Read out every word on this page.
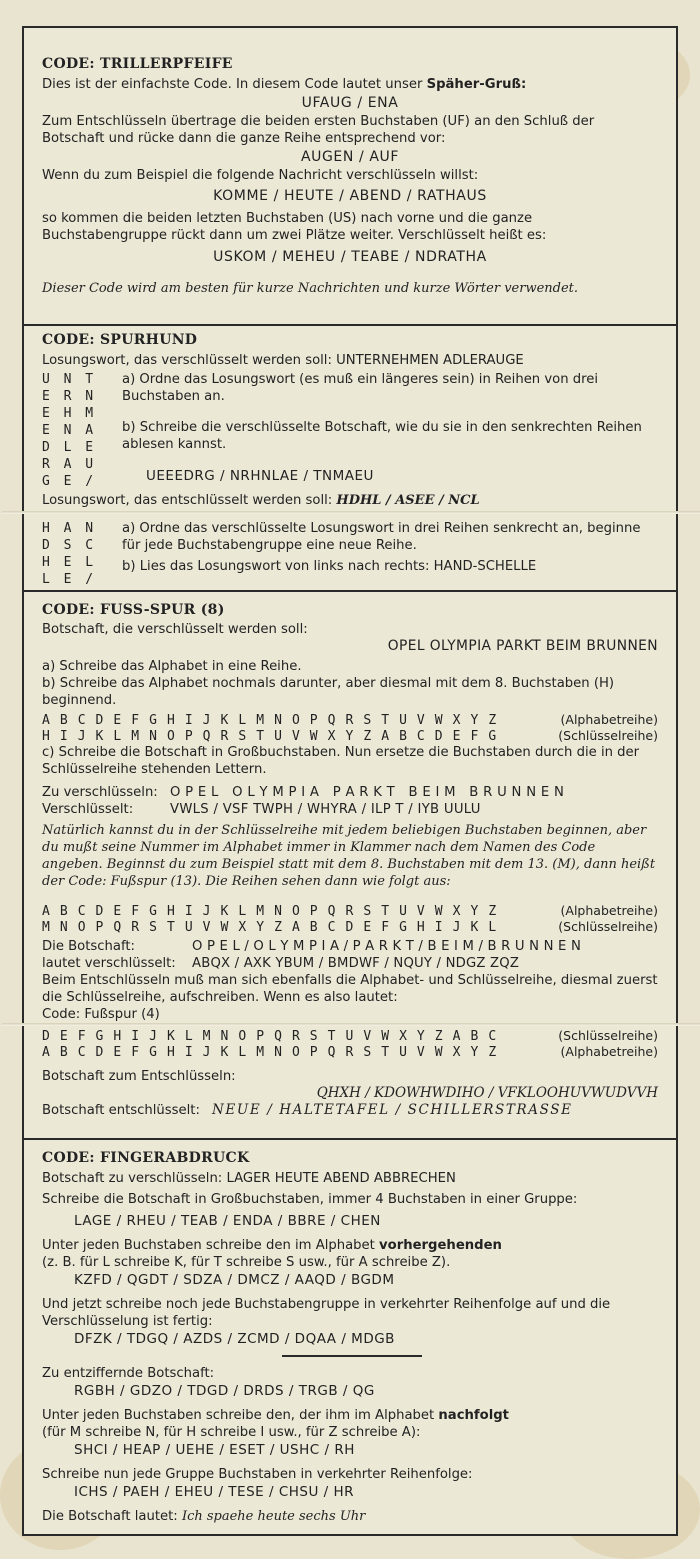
CODE: TRILLERPFEIFE

Dies ist der einfachste Code. In diesem Code lautet unser Späher-Gruß:

UFAUG / ENA

Zum Entschlüsseln übertrage die beiden ersten Buchstaben (UF) an den Schluß der Botschaft und rücke dann die ganze Reihe entsprechend vor:

AUGEN / AUF

Wenn du zum Beispiel die folgende Nachricht verschlüsseln willst:

KOMME / HEUTE / ABEND / RATHAUS

so kommen die beiden letzten Buchstaben (US) nach vorne und die ganze Buchstabengruppe rückt dann um zwei Plätze weiter. Verschlüsselt heißt es:

USKOM / MEHEU / TEABE / NDRATHA

Dieser Code wird am besten für kurze Nachrichten und kurze Wörter verwendet.

CODE: SPURHUND

Losungswort, das verschlüsselt werden soll: UNTERNEHMEN ADLERAUGE

U N T
E R N
E H M
E N A
D L E
R A U
G E /

a) Ordne das Losungswort (es muß ein längeres sein) in Reihen von drei Buchstaben an.

b) Schreibe die verschlüsselte Botschaft, wie du sie in den senkrechten Reihen ablesen kannst.

UEEEDRG / NRHNLAE / TNMAEU

Losungswort, das entschlüsselt werden soll: HDHL / ASEE / NCL

H A N
D S C
H E L
L E /

a) Ordne das verschlüsselte Losungswort in drei Reihen senkrecht an, beginne für jede Buchstabengruppe eine neue Reihe.

b) Lies das Losungswort von links nach rechts: HAND-SCHELLE

CODE: FUSS-SPUR (8)

Botschaft, die verschlüsselt werden soll:

OPEL OLYMPIA PARKT BEIM BRUNNEN

a) Schreibe das Alphabet in eine Reihe.

b) Schreibe das Alphabet nochmals darunter, aber diesmal mit dem 8. Buchstaben (H) beginnend.

A B C D E F G H I J K L M N O P Q R S T U V W X Y Z	(Alphabetreihe)
H I J K L M N O P Q R S T U V W X Y Z A B C D E F G	(Schlüsselreihe)

c) Schreibe die Botschaft in Großbuchstaben. Nun ersetze die Buchstaben durch die in der Schlüsselreihe stehenden Lettern.

Zu verschlüsseln: O P E L   O L Y M P I A   P A R K T   B E I M   B R U N N E N
Verschlüsselt:	VWLS / VSF TWPH / WHYRA / ILP T / IYB UULU

Natürlich kannst du in der Schlüsselreihe mit jedem beliebigen Buchstaben beginnen, aber du mußt seine Nummer im Alphabet immer in Klammer nach dem Namen des Code angeben. Beginnst du zum Beispiel statt mit dem 8. Buchstaben mit dem 13. (M), dann heißt der Code: Fußspur (13). Die Reihen sehen dann wie folgt aus:

A B C D E F G H I J K L M N O P Q R S T U V W X Y Z	(Alphabetreihe)
M N O P Q R S T U V W X Y Z A B C D E F G H I J K L	(Schlüsselreihe)
Die Botschaft:	O P E L / O L Y M P I A / P A R K T / B E I M / B R U N N E N
lautet verschlüsselt:	ABQX / AXK YBUM / BMDWF / NQUY / NDGZ ZQZ

Beim Entschlüsseln muß man sich ebenfalls die Alphabet- und Schlüsselreihe, diesmal zuerst die Schlüsselreihe, aufschreiben. Wenn es also lautet:

Code: Fußspur (4)

D E F G H I J K L M N O P Q R S T U V W X Y Z A B C	(Schlüsselreihe)
A B C D E F G H I J K L M N O P Q R S T U V W X Y Z	(Alphabetreihe)

Botschaft zum Entschlüsseln:

QHXH / KDOWHWDIHO / VFKLOOHUVWUDVVH
Botschaft entschlüsselt: NEUE / HALTETAFEL / SCHILLERSTRASSE

CODE: FINGERABDRUCK

Botschaft zu verschlüsseln: LAGER HEUTE ABEND ABBRECHEN

Schreibe die Botschaft in Großbuchstaben, immer 4 Buchstaben in einer Gruppe:

LAGE / RHEU / TEAB / ENDA / BBRE / CHEN

Unter jeden Buchstaben schreibe den im Alphabet vorhergehenden

(z. B. für L schreibe K, für T schreibe S usw., für A schreibe Z).

KZFD / QGDT / SDZA / DMCZ / AAQD / BGDM

Und jetzt schreibe noch jede Buchstabengruppe in verkehrter Reihenfolge auf und die Verschlüsselung ist fertig:

DFZK / TDGQ / AZDS / ZCMD / DQAA / MDGB

Zu entziffernde Botschaft:

RGBH / GDZO / TDGD / DRDS / TRGB / QG

Unter jeden Buchstaben schreibe den, der ihm im Alphabet nachfolgt

(für M schreibe N, für H schreibe I usw., für Z schreibe A):

SHCI / HEAP / UEHE / ESET / USHC / RH

Schreibe nun jede Gruppe Buchstaben in verkehrter Reihenfolge:

ICHS / PAEH / EHEU / TESE / CHSU / HR

Die Botschaft lautet: Ich spaehe heute sechs Uhr
